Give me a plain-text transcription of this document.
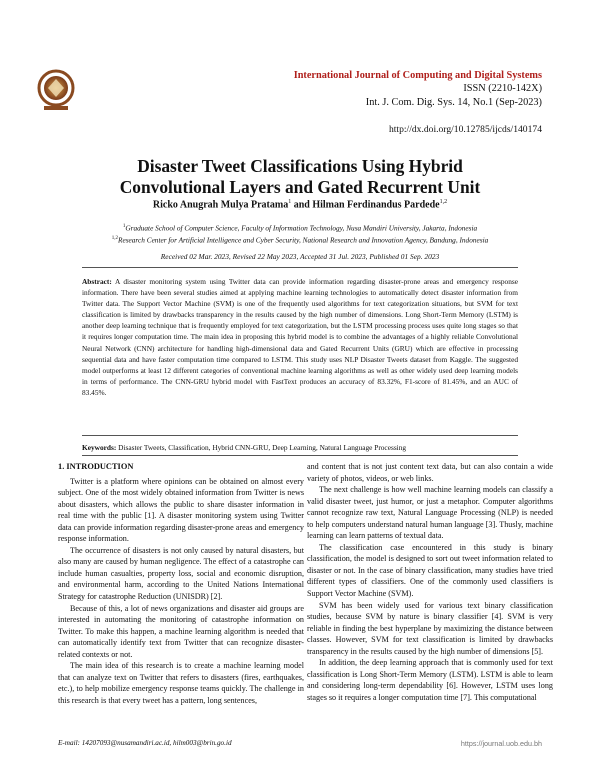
International Journal of Computing and Digital Systems
ISSN (2210-142X)
Int. J. Com. Dig. Sys. 14, No.1 (Sep-2023)
http://dx.doi.org/10.12785/ijcds/140174
Disaster Tweet Classifications Using Hybrid
Convolutional Layers and Gated Recurrent Unit
Ricko Anugrah Mulya Pratama$^1$ and Hilman Ferdinandus Pardede$^{1,2}$
$^1$Graduate School of Computer Science, Faculty of Information Technology, Nusa Mandiri University, Jakarta, Indonesia
$^{1,2}$Research Center for Artificial Intelligence and Cyber Security, National Research and Innovation Agency, Bandung, Indonesia
Received 02 Mar. 2023, Revised 22 May 2023, Accepted 31 Jul. 2023, Published 01 Sep. 2023
Abstract: A disaster monitoring system using Twitter data can provide information regarding disaster-prone areas and emergency response information. There have been several studies aimed at applying machine learning technologies to automatically detect disaster information from Twitter data. The Support Vector Machine (SVM) is one of the frequently used algorithms for text categorization situations, but SVM for text classification is limited by drawbacks transparency in the results caused by the high number of dimensions. Long Short-Term Memory (LSTM) is another deep learning technique that is frequently employed for text categorization, but the LSTM processing process uses quite long stages so that it requires longer computation time. The main idea in proposing this hybrid model is to combine the advantages of a highly reliable Convolutional Neural Network (CNN) architecture for handling high-dimensional data and Gated Recurrent Units (GRU) which are effective in processing sequential data and have faster computation time compared to LSTM. This study uses NLP Disaster Tweets dataset from Kaggle. The suggested model outperforms at least 12 different categories of conventional machine learning algorithms as well as other widely used deep learning models in terms of performance. The CNN-GRU hybrid model with FastText produces an accuracy of 83.32%, F1-score of 81.45%, and an AUC of 83.45%.
Keywords: Disaster Tweets, Classification, Hybrid CNN-GRU, Deep Learning, Natural Language Processing
1. INTRODUCTION

Twitter is a platform where opinions can be obtained on almost every subject. One of the most widely obtained information from Twitter is news about disasters, which allows the public to share disaster information in real time with the public [1]. A disaster monitoring system using Twitter data can provide information regarding disaster-prone areas and emergency response information.

The occurrence of disasters is not only caused by natural disasters, but also many are caused by human negligence. The effect of a catastrophe can include human casualties, property loss, social and economic disruption, and environmental harm, according to the United Nations International Strategy for catastrophe Reduction (UNISDR) [2].

Because of this, a lot of news organizations and disaster aid groups are interested in automating the monitoring of catastrophe information on Twitter. To make this happen, a machine learning algorithm is needed that can automatically identify text from Twitter that can recognize disaster-related contexts or not.

The main idea of this research is to create a machine learning model that can analyze text on Twitter that refers to disasters (fires, earthquakes, etc.), to help mobilize emergency response teams quickly. The challenge in this research is that every tweet has a pattern, long sentences,

and content that is not just content text data, but can also contain a wide variety of photos, videos, or web links.

The next challenge is how well machine learning models can classify a valid disaster tweet, just humor, or just a metaphor. Computer algorithms cannot recognize raw text, Natural Language Processing (NLP) is needed to help computers understand natural human language [3]. Thusly, machine learning can learn patterns of textual data.

The classification case encountered in this study is binary classification, the model is designed to sort out tweet information related to disaster or not. In the case of binary classification, many studies have tried different types of classifiers. One of the commonly used classifiers is Support Vector Machine (SVM).

SVM has been widely used for various text binary classification studies, because SVM by nature is binary classifier [4]. SVM is very reliable in finding the best hyperplane by maximizing the distance between classes. However, SVM for text classification is limited by drawbacks transparency in the results caused by the high number of dimensions [5].

In addition, the deep learning approach that is commonly used for text classification is Long Short-Term Memory (LSTM). LSTM is able to learn and considering long-term dependability [6]. However, LSTM uses long stages so it requires a longer computation time [7]. This computational

E-mail: 14207093@nusamandiri.ac.id, hilm003@brin.go.id	https://journal.uob.edu.bh
